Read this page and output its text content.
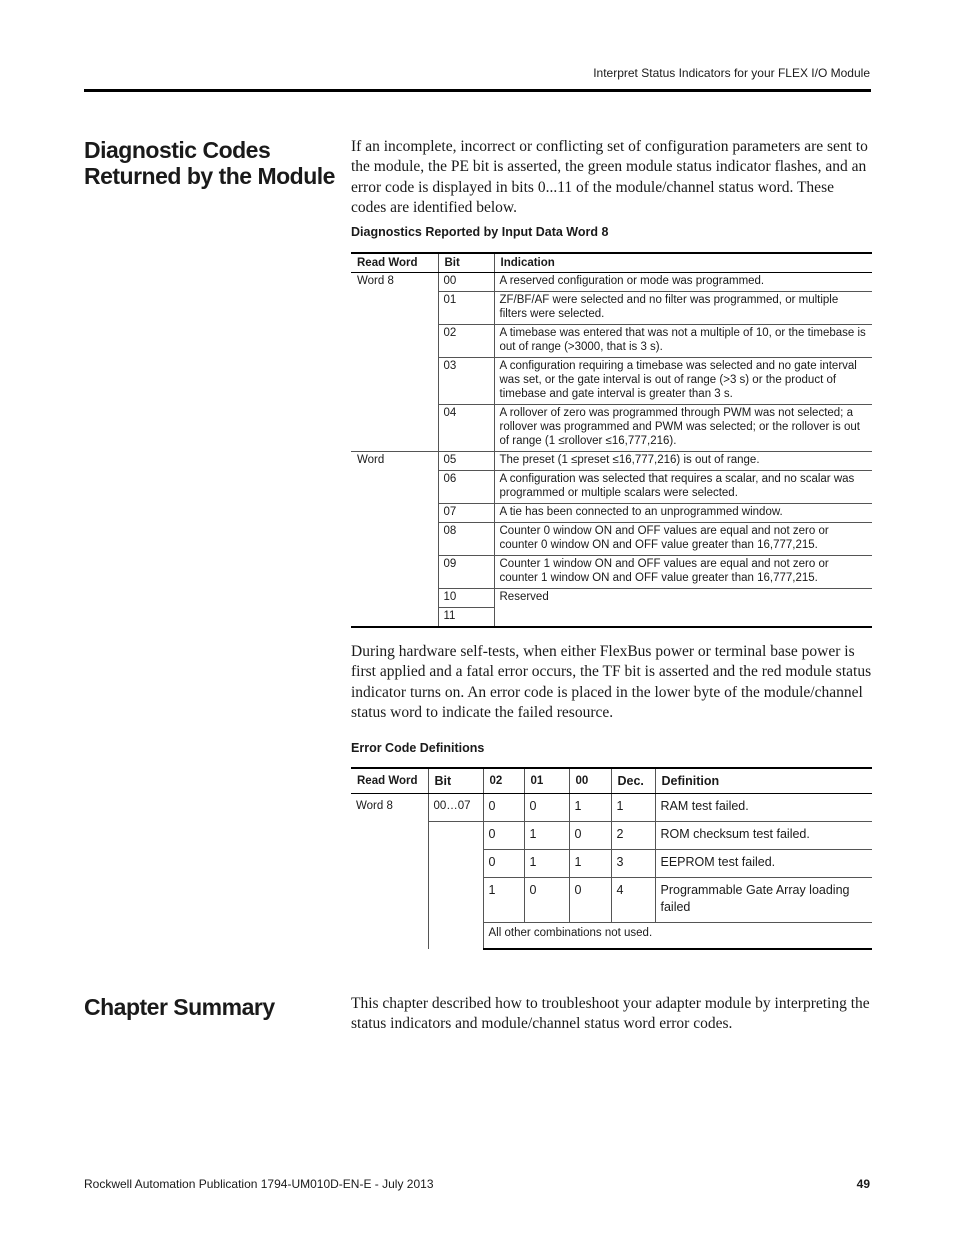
Interpret Status Indicators for your FLEX I/O Module
Diagnostic Codes Returned by the Module
If an incomplete, incorrect or conflicting set of configuration parameters are sent to the module, the PE bit is asserted, the green module status indicator flashes, and an error code is displayed in bits 0...11 of the module/channel status word. These codes are identified below.
Diagnostics Reported by Input Data Word 8
Read Word	Bit	Indication
Word 8	00	A reserved configuration or mode was programmed.
	01	ZF/BF/AF were selected and no filter was programmed, or multiple filters were selected.
	02	A timebase was entered that was not a multiple of 10, or the timebase is out of range (>3000, that is 3 s).
	03	A configuration requiring a timebase was selected and no gate interval was set, or the gate interval is out of range (>3 s) or the product of timebase and gate interval is greater than 3 s.
	04	A rollover of zero was programmed through PWM was not selected; a rollover was programmed and PWM was selected; or the rollover is out of range (1 ≤rollover ≤16,777,216).
Word	05	The preset (1 ≤preset ≤16,777,216) is out of range.
	06	A configuration was selected that requires a scalar, and no scalar was programmed or multiple scalars were selected.
	07	A tie has been connected to an unprogrammed window.
	08	Counter 0 window ON and OFF values are equal and not zero or counter 0 window ON and OFF value greater than 16,777,215.
	09	Counter 1 window ON and OFF values are equal and not zero or counter 1 window ON and OFF value greater than 16,777,215.
	10	Reserved
	11	
During hardware self-tests, when either FlexBus power or terminal base power is first applied and a fatal error occurs, the TF bit is asserted and the red module status indicator turns on. An error code is placed in the lower byte of the module/channel status word to indicate the failed resource.
Error Code Definitions
Read Word	Bit	02	01	00	Dec.	Definition
Word 8	00…07	0	0	1	1	RAM test failed.
		0	1	0	2	ROM checksum test failed.
		0	1	1	3	EEPROM test failed.
		1	0	0	4	Programmable Gate Array loading failed
		All other combinations not used.				
Chapter Summary	This chapter described how to troubleshoot your adapter module by interpreting the status indicators and module/channel status word error codes.
Rockwell Automation Publication 1794-UM010D-EN-E - July 2013	49
